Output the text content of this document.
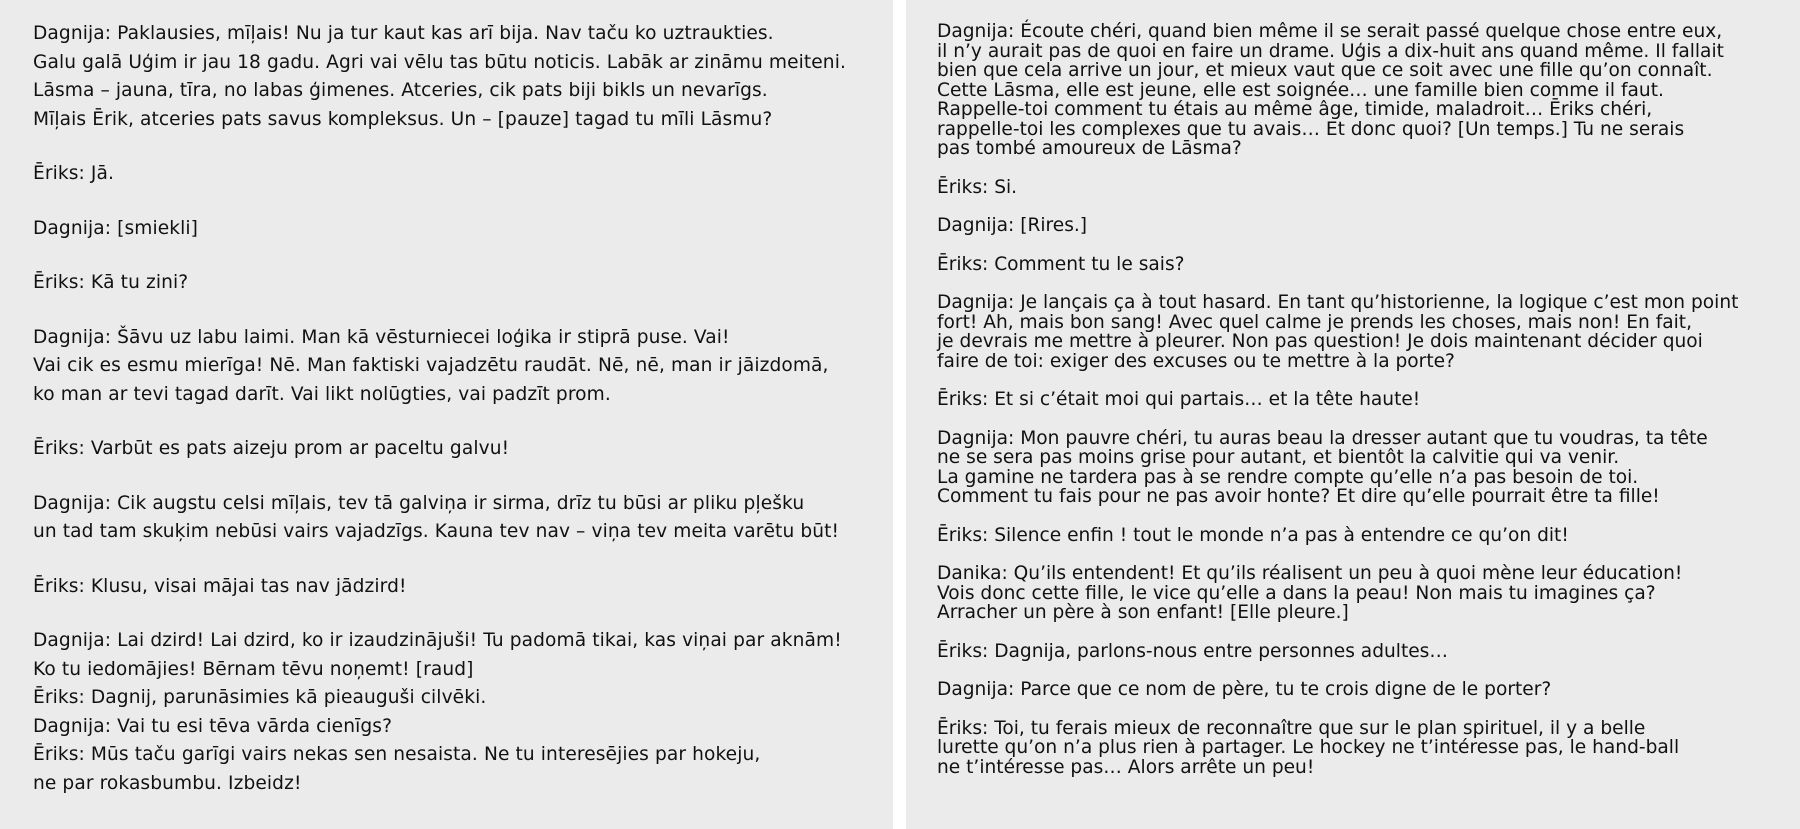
Dagnija: Paklausies, mīļais! Nu ja tur kaut kas arī bija. Nav taču ko uztraukties.
Galu galā Uģim ir jau 18 gadu. Agri vai vēlu tas būtu noticis. Labāk ar zināmu meiteni.
Lāsma – jauna, tīra, no labas ģimenes. Atceries, cik pats biji bikls un nevarīgs.
Mīļais Ērik, atceries pats savus kompleksus. Un – [pauze] tagad tu mīli Lāsmu?

Ēriks: Jā.

Dagnija: [smiekli]

Ēriks: Kā tu zini?

Dagnija: Šāvu uz labu laimi. Man kā vēsturniecei loģika ir stiprā puse. Vai!
Vai cik es esmu mierīga! Nē. Man faktiski vajadzētu raudāt. Nē, nē, man ir jāizdomā,
ko man ar tevi tagad darīt. Vai likt nolūgties, vai padzīt prom.

Ēriks: Varbūt es pats aizeju prom ar paceltu galvu!

Dagnija: Cik augstu celsi mīļais, tev tā galviņa ir sirma, drīz tu būsi ar pliku pļešku
un tad tam skuķim nebūsi vairs vajadzīgs. Kauna tev nav – viņa tev meita varētu būt!

Ēriks: Klusu, visai mājai tas nav jādzird!

Dagnija: Lai dzird! Lai dzird, ko ir izaudzinājuši! Tu padomā tikai, kas viņai par aknām!
Ko tu iedomājies! Bērnam tēvu noņemt! [raud]
Ēriks: Dagnij, parunāsimies kā pieauguši cilvēki.
Dagnija: Vai tu esi tēva vārda cienīgs?
Ēriks: Mūs taču garīgi vairs nekas sen nesaista. Ne tu interesējies par hokeju,
ne par rokasbumbu. Izbeidz!

Dagnija: Écoute chéri, quand bien même il se serait passé quelque chose entre eux,
il n’y aurait pas de quoi en faire un drame. Uģis a dix-huit ans quand même. Il fallait
bien que cela arrive un jour, et mieux vaut que ce soit avec une fille qu’on connaît.
Cette Lāsma, elle est jeune, elle est soignée… une famille bien comme il faut.
Rappelle-toi comment tu étais au même âge, timide, maladroit… Ēriks chéri,
rappelle-toi les complexes que tu avais… Et donc quoi? [Un temps.] Tu ne serais
pas tombé amoureux de Lāsma?

Ēriks: Si.

Dagnija: [Rires.]

Ēriks: Comment tu le sais?

Dagnija: Je lançais ça à tout hasard. En tant qu’historienne, la logique c’est mon point
fort! Ah, mais bon sang! Avec quel calme je prends les choses, mais non! En fait,
je devrais me mettre à pleurer. Non pas question! Je dois maintenant décider quoi
faire de toi: exiger des excuses ou te mettre à la porte?

Ēriks: Et si c’était moi qui partais… et la tête haute!

Dagnija: Mon pauvre chéri, tu auras beau la dresser autant que tu voudras, ta tête
ne se sera pas moins grise pour autant, et bientôt la calvitie qui va venir.
La gamine ne tardera pas à se rendre compte qu’elle n’a pas besoin de toi.
Comment tu fais pour ne pas avoir honte? Et dire qu’elle pourrait être ta fille!

Ēriks: Silence enfin ! tout le monde n’a pas à entendre ce qu’on dit!

Danika: Qu’ils entendent! Et qu’ils réalisent un peu à quoi mène leur éducation!
Vois donc cette fille, le vice qu’elle a dans la peau! Non mais tu imagines ça?
Arracher un père à son enfant! [Elle pleure.]

Ēriks: Dagnija, parlons-nous entre personnes adultes…

Dagnija: Parce que ce nom de père, tu te crois digne de le porter?

Ēriks: Toi, tu ferais mieux de reconnaître que sur le plan spirituel, il y a belle
lurette qu’on n’a plus rien à partager. Le hockey ne t’intéresse pas, le hand-ball
ne t’intéresse pas… Alors arrête un peu!
